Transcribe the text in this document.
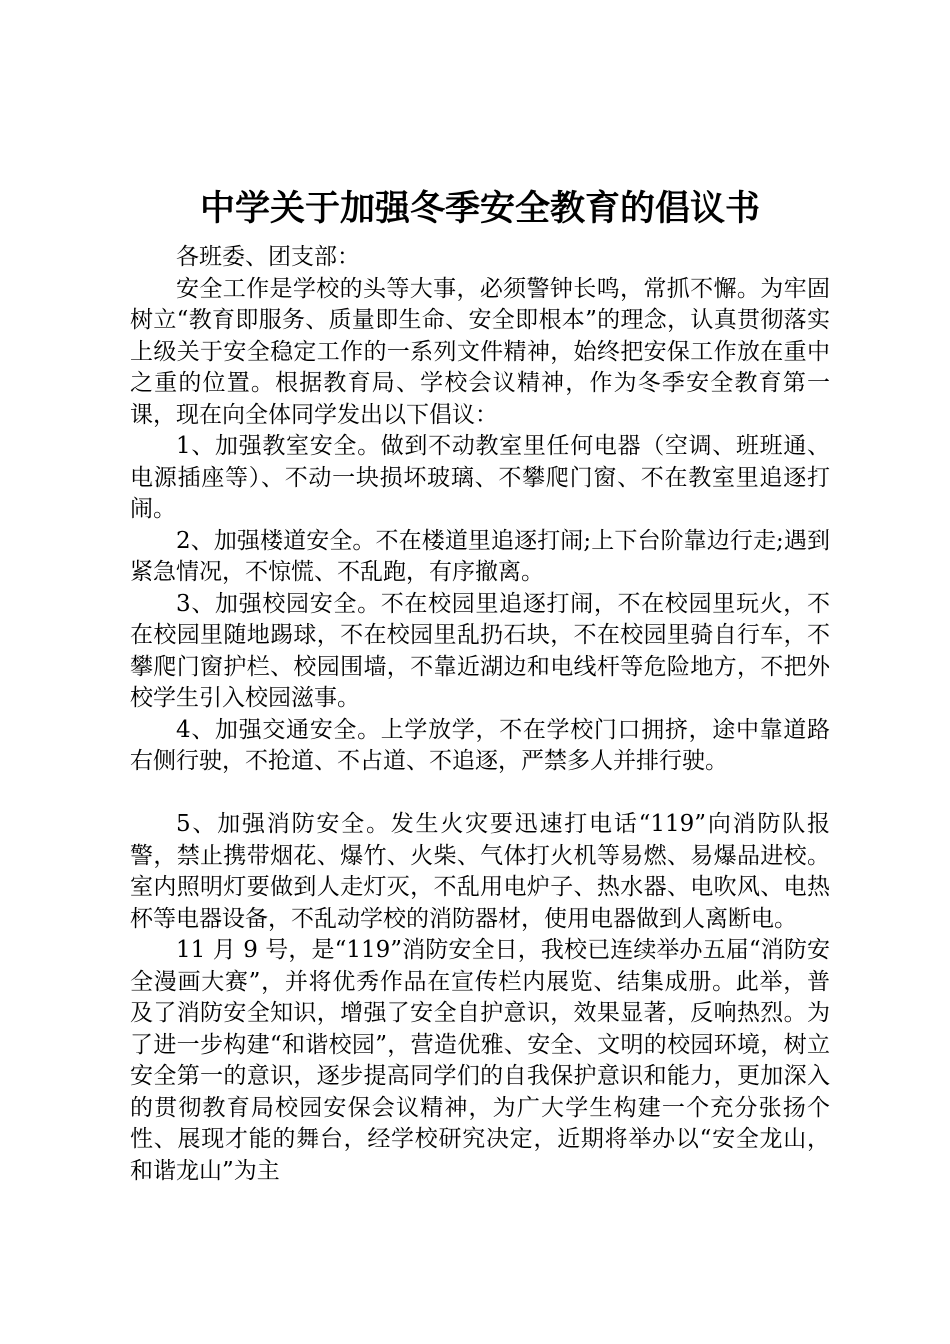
中学关于加强冬季安全教育的倡议书

各班委、团支部：

安全工作是学校的头等大事，必须警钟长鸣，常抓不懈。为牢固树立“教育即服务、质量即生命、安全即根本”的理念，认真贯彻落实上级关于安全稳定工作的一系列文件精神，始终把安保工作放在重中之重的位置。根据教育局、学校会议精神，作为冬季安全教育第一课，现在向全体同学发出以下倡议：

1、加强教室安全。做到不动教室里任何电器（空调、班班通、电源插座等）、不动一块损坏玻璃、不攀爬门窗、不在教室里追逐打闹。

2、加强楼道安全。不在楼道里追逐打闹;上下台阶靠边行走;遇到紧急情况，不惊慌、不乱跑，有序撤离。

3、加强校园安全。不在校园里追逐打闹，不在校园里玩火，不在校园里随地踢球，不在校园里乱扔石块，不在校园里骑自行车，不攀爬门窗护栏、校园围墙，不靠近湖边和电线杆等危险地方，不把外校学生引入校园滋事。

4、加强交通安全。上学放学，不在学校门口拥挤，途中靠道路右侧行驶，不抢道、不占道、不追逐，严禁多人并排行驶。

5、加强消防安全。发生火灾要迅速打电话“119”向消防队报警，禁止携带烟花、爆竹、火柴、气体打火机等易燃、易爆品进校。室内照明灯要做到人走灯灭，不乱用电炉子、热水器、电吹风、电热杯等电器设备，不乱动学校的消防器材，使用电器做到人离断电。

11 月 9 号，是“119”消防安全日，我校已连续举办五届“消防安全漫画大赛”，并将优秀作品在宣传栏内展览、结集成册。此举，普及了消防安全知识，增强了安全自护意识，效果显著，反响热烈。为了进一步构建“和谐校园”，营造优雅、安全、文明的校园环境，树立安全第一的意识，逐步提高同学们的自我保护意识和能力，更加深入的贯彻教育局校园安保会议精神，为广大学生构建一个充分张扬个性、展现才能的舞台，经学校研究决定，近期将举办以“安全龙山，和谐龙山”为主
